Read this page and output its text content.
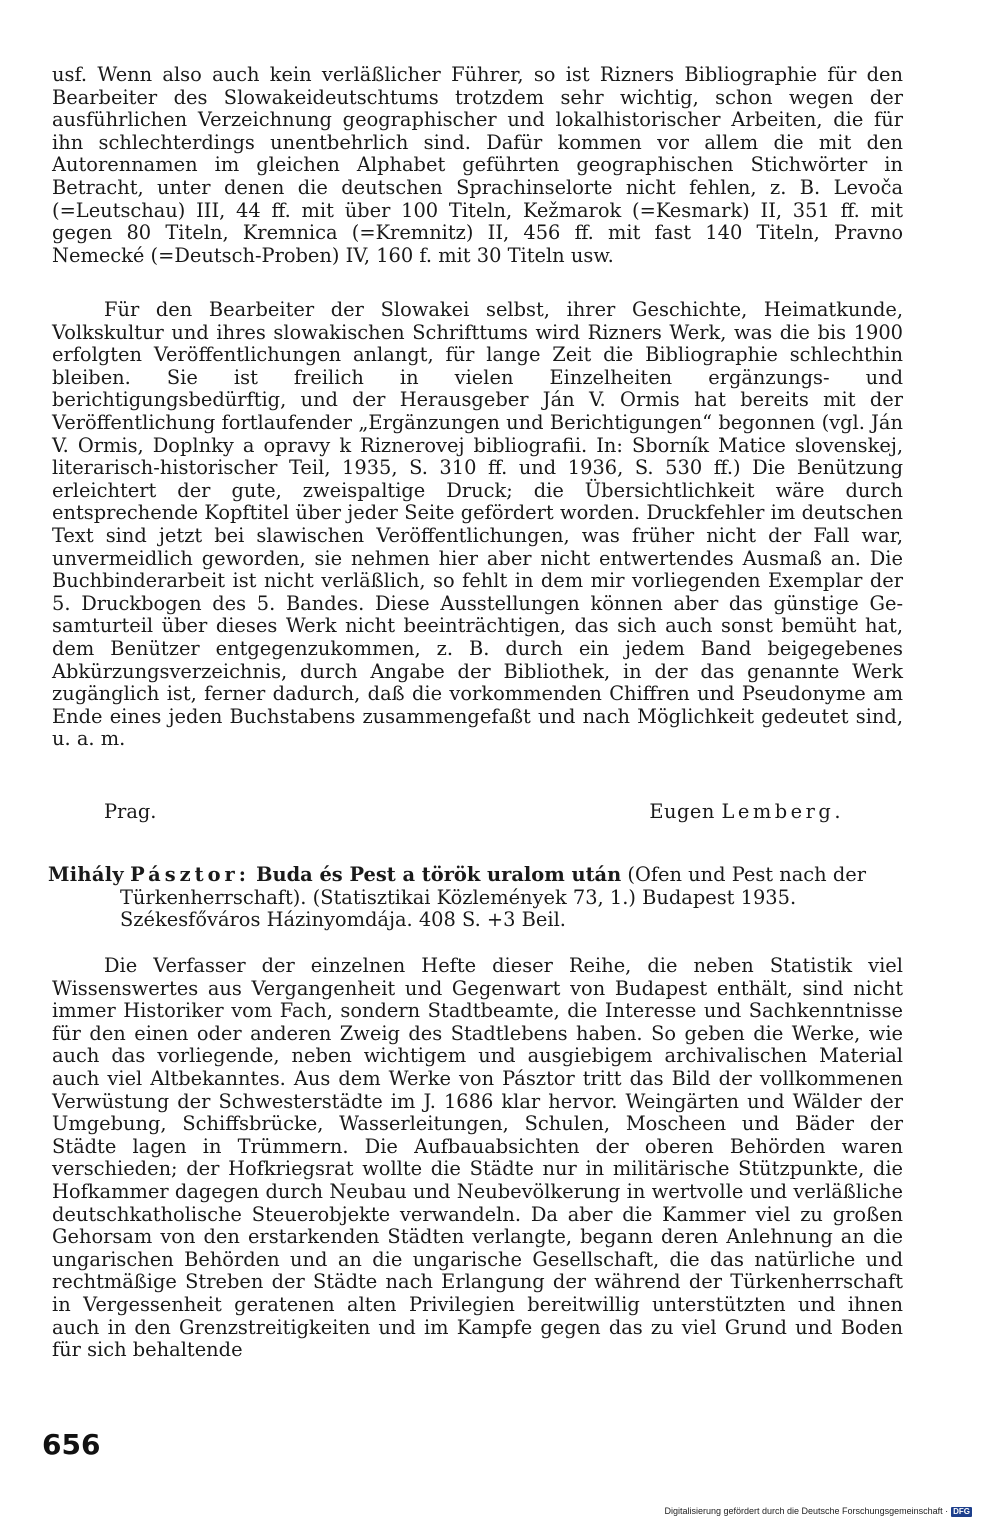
usf. Wenn also auch kein verläßlicher Führer, so ist Rizners Bibliographie für den Bearbeiter des Slowakeideutschtums trotzdem sehr wichtig, schon wegen der ausführlichen Verzeichnung geographischer und lokalhistorischer Arbeiten, die für ihn schlechterdings unentbehrlich sind. Dafür kommen vor allem die mit den Autorennamen im gleichen Alphabet geführten geographischen Stichwörter in Betracht, unter denen die deutschen Sprachinselorte nicht fehlen, z. B. Levoča (=Leutschau) III, 44 ff. mit über 100 Titeln, Kežmarok (=Kesmark) II, 351 ff. mit gegen 80 Titeln, Kremnica (=Kremnitz) II, 456 ff. mit fast 140 Titeln, Pravno Nemecké (=Deutsch-Proben) IV, 160 f. mit 30 Titeln usw.

Für den Bearbeiter der Slowakei selbst, ihrer Geschichte, Heimatkunde, Volkskultur und ihres slowakischen Schrifttums wird Rizners Werk, was die bis 1900 erfolgten Veröffentlichungen anlangt, für lange Zeit die Bibliographie schlechthin bleiben. Sie ist freilich in vielen Einzelheiten ergänzungs- und berichtigungsbedürftig, und der Herausgeber Ján V. Ormis hat bereits mit der Veröffentlichung fortlaufender „Ergänzungen und Berichtigungen“ begonnen (vgl. Ján V. Ormis, Doplnky a opravy k Riznerovej bibliografii. In: Sborník Matice slovenskej, literarisch-historischer Teil, 1935, S. 310 ff. und 1936, S. 530 ff.) Die Benützung erleichtert der gute, zweispaltige Druck; die Übersichtlichkeit wäre durch entsprechende Kopftitel über jeder Seite gefördert worden. Druckfehler im deutschen Text sind jetzt bei slawischen Veröffentlichungen, was früher nicht der Fall war, unvermeidlich geworden, sie nehmen hier aber nicht entwertendes Ausmaß an. Die Buchbinderarbeit ist nicht verläßlich, so fehlt in dem mir vorliegenden Exemplar der 5. Druckbogen des 5. Bandes. Diese Ausstellungen können aber das günstige Gesamturteil über dieses Werk nicht beeinträchtigen, das sich auch sonst bemüht hat, dem Benützer entgegenzukommen, z. B. durch ein jedem Band beigegebenes Abkürzungsverzeichnis, durch Angabe der Bibliothek, in der das genannte Werk zugänglich ist, ferner dadurch, daß die vorkommenden Chiffren und Pseudonyme am Ende eines jeden Buchstabens zusammengefaßt und nach Möglichkeit gedeutet sind, u. a. m.

Prag.	Eugen Lemberg.
Mihály Pásztor: Buda és Pest a török uralom után (Ofen und Pest nach der Türkenherrschaft). (Statisztikai Közlemények 73, 1.) Budapest 1935. Székesfőváros Házinyomdája. 408 S. +3 Beil.

Die Verfasser der einzelnen Hefte dieser Reihe, die neben Statistik viel Wissenswertes aus Vergangenheit und Gegenwart von Budapest enthält, sind nicht immer Historiker vom Fach, sondern Stadtbeamte, die Interesse und Sachkenntnisse für den einen oder anderen Zweig des Stadtlebens haben. So geben die Werke, wie auch das vorliegende, neben wichtigem und ausgiebigem archivalischen Material auch viel Altbekanntes. Aus dem Werke von Pásztor tritt das Bild der vollkommenen Verwüstung der Schwesterstädte im J. 1686 klar hervor. Weingärten und Wälder der Umgebung, Schiffsbrücke, Wasserleitungen, Schulen, Moscheen und Bäder der Städte lagen in Trümmern. Die Aufbauabsichten der oberen Behörden waren verschieden; der Hofkriegsrat wollte die Städte nur in militärische Stützpunkte, die Hofkammer dagegen durch Neubau und Neubevölkerung in wertvolle und verläßliche deutschkatholische Steuerobjekte verwandeln. Da aber die Kammer viel zu großen Gehorsam von den erstarkenden Städten verlangte, begann deren Anlehnung an die ungarischen Behörden und an die ungarische Gesellschaft, die das natürliche und rechtmäßige Streben der Städte nach Erlangung der während der Türkenherrschaft in Vergessenheit geratenen alten Privilegien bereitwillig unterstützten und ihnen auch in den Grenzstreitigkeiten und im Kampfe gegen das zu viel Grund und Boden für sich behaltende

656
Digitalisierung gefördert durch die Deutsche Forschungsgemeinschaft · DFG
